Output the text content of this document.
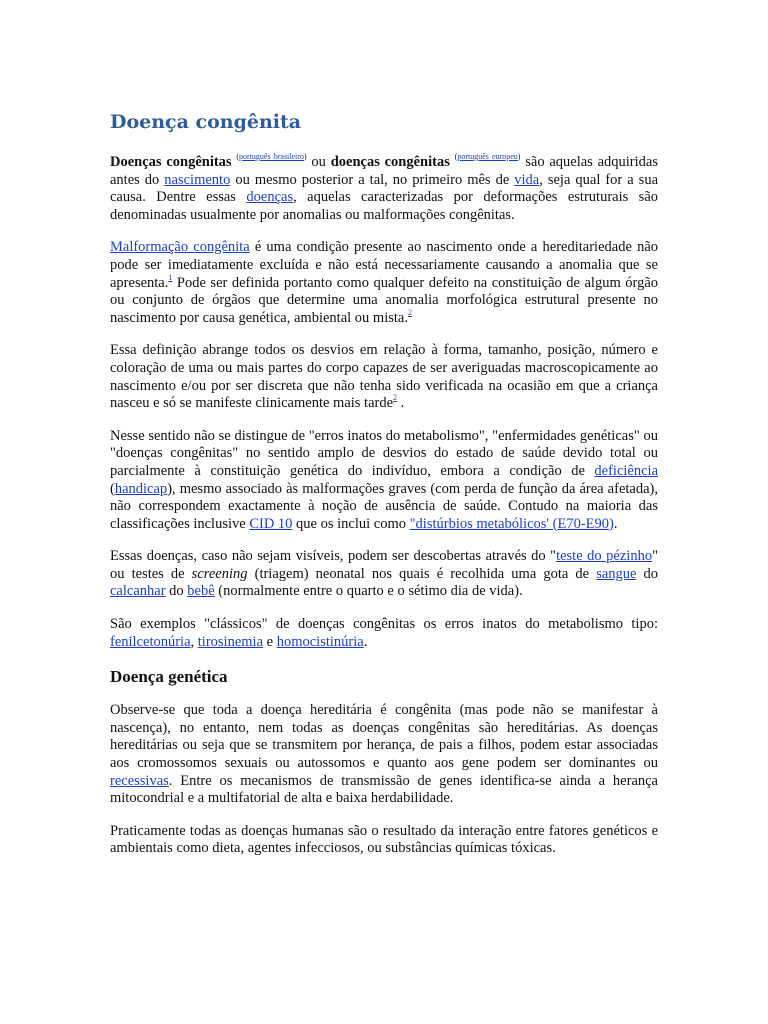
Doença congênita

Doenças congênitas $^{(português brasileiro)}$ ou doenças congênitas $^{(português europeu)}$ são aquelas adquiridas antes do nascimento ou mesmo posterior a tal, no primeiro mês de vida, seja qual for a sua causa. Dentre essas doenças, aquelas caracterizadas por deformações estruturais são denominadas usualmente por anomalias ou malformações congênitas.

Malformação congênita é uma condição presente ao nascimento onde a hereditariedade não pode ser imediatamente excluída e não está necessariamente causando a anomalia que se apresenta.$^1$ Pode ser definida portanto como qualquer defeito na constituição de algum órgão ou conjunto de órgãos que determine uma anomalia morfológica estrutural presente no nascimento por causa genética, ambiental ou mista.$^2$

Essa definição abrange todos os desvios em relação à forma, tamanho, posição, número e coloração de uma ou mais partes do corpo capazes de ser averiguadas macroscopicamente ao nascimento e/ou por ser discreta que não tenha sido verificada na ocasião em que a criança nasceu e só se manifeste clinicamente mais tarde$^2$ .

Nesse sentido não se distingue de "erros inatos do metabolismo", "enfermidades genéticas" ou "doenças congênitas" no sentido amplo de desvios do estado de saúde devido total ou parcialmente à constituição genética do indivíduo, embora a condição de deficiência (handicap), mesmo associado às malformações graves (com perda de função da área afetada), não correspondem exactamente à noção de ausência de saúde. Contudo na maioria das classificações inclusive CID 10 que os inclui como "distúrbios metabólicos' (E70-E90).

Essas doenças, caso não sejam visíveis, podem ser descobertas através do "teste do pézinho" ou testes de screening (triagem) neonatal nos quais é recolhida uma gota de sangue do calcanhar do bebê (normalmente entre o quarto e o sétimo dia de vida).

São exemplos "clássicos" de doenças congênitas os erros inatos do metabolismo tipo: fenilcetonúria, tirosinemia e homocistinúria.

Doença genética

Observe-se que toda a doença hereditária é congênita (mas pode não se manifestar à nascença), no entanto, nem todas as doenças congênitas são hereditárias. As doenças hereditárias ou seja que se transmitem por herança, de pais a filhos, podem estar associadas aos cromossomos sexuais ou autossomos e quanto aos gene podem ser dominantes ou recessivas. Entre os mecanismos de transmissão de genes identifica-se ainda a herança mitocondrial e a multifatorial de alta e baixa herdabilidade.

Praticamente todas as doenças humanas são o resultado da interação entre fatores genéticos e ambientais como dieta, agentes infecciosos, ou substâncias químicas tóxicas.
